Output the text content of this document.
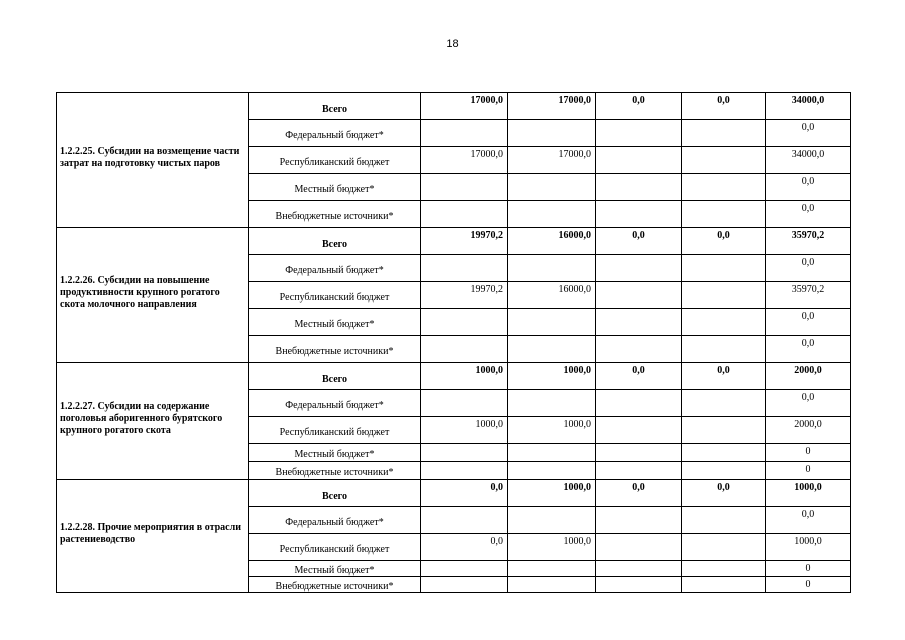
18
1.2.2.25. Субсидии на возмещение части затрат на подготовку чистых паров	Всего	17000,0	17000,0	0,0	0,0	34000,0
	Федеральный бюджет*					0,0
	Республиканский бюджет	17000,0	17000,0			34000,0
	Местный бюджет*					0,0
	Внебюджетные источники*					0,0

1.2.2.26. Субсидии на повышение продуктивности крупного рогатого скота молочного направления	Всего	19970,2	16000,0	0,0	0,0	35970,2
	Федеральный бюджет*					0,0
	Республиканский бюджет	19970,2	16000,0			35970,2
	Местный бюджет*					0,0
	Внебюджетные источники*					0,0

1.2.2.27. Субсидии на содержание поголовья аборигенного бурятского крупного рогатого скота	Всего	1000,0	1000,0	0,0	0,0	2000,0
	Федеральный бюджет*					0,0
	Республиканский бюджет	1000,0	1000,0			2000,0
	Местный бюджет*					0
	Внебюджетные источники*					0

1.2.2.28. Прочие мероприятия в отрасли растениеводство	Всего	0,0	1000,0	0,0	0,0	1000,0
	Федеральный бюджет*					0,0
	Республиканский бюджет	0,0	1000,0			1000,0
	Местный бюджет*					0
	Внебюджетные источники*					0
